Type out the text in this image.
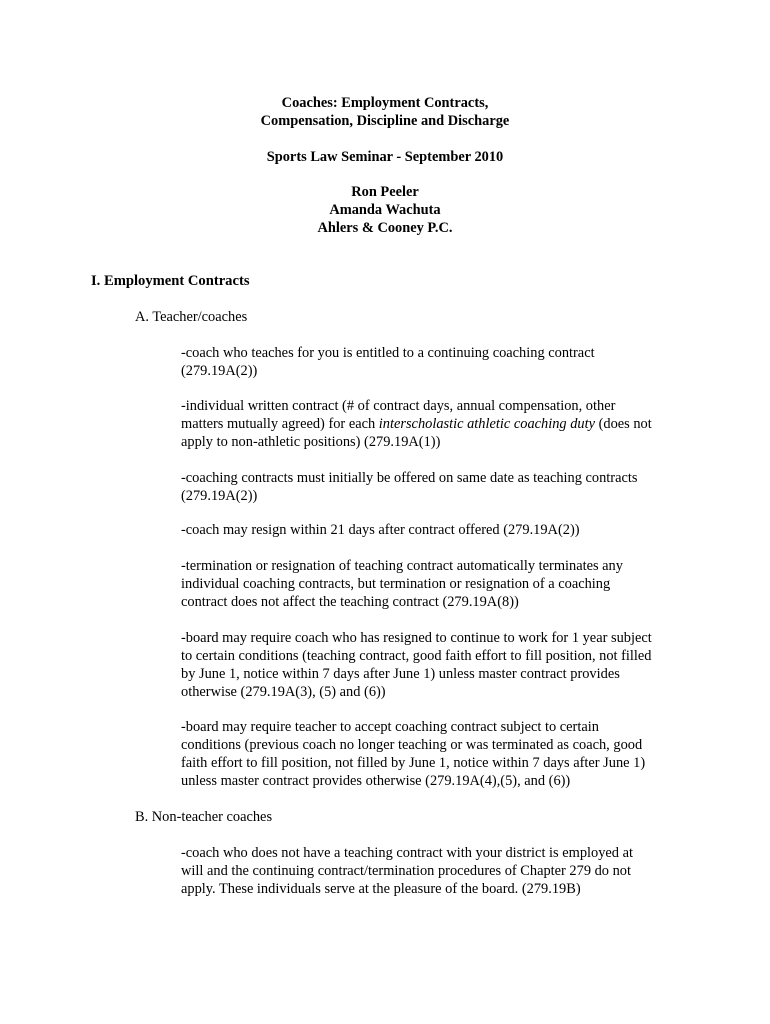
Coaches: Employment Contracts,
Compensation, Discipline and Discharge
Sports Law Seminar - September 2010
Ron Peeler
Amanda Wachuta
Ahlers & Cooney P.C.
I. Employment Contracts
A. Teacher/coaches
-coach who teaches for you is entitled to a continuing coaching contract
(279.19A(2))
-individual written contract (# of contract days, annual compensation, other
matters mutually agreed) for each interscholastic athletic coaching duty (does not
apply to non-athletic positions) (279.19A(1))
-coaching contracts must initially be offered on same date as teaching contracts
(279.19A(2))
-coach may resign within 21 days after contract offered (279.19A(2))
-termination or resignation of teaching contract automatically terminates any
individual coaching contracts, but termination or resignation of a coaching
contract does not affect the teaching contract (279.19A(8))
-board may require coach who has resigned to continue to work for 1 year subject
to certain conditions (teaching contract, good faith effort to fill position, not filled
by June 1, notice within 7 days after June 1) unless master contract provides
otherwise (279.19A(3), (5) and (6))
-board may require teacher to accept coaching contract subject to certain
conditions (previous coach no longer teaching or was terminated as coach, good
faith effort to fill position, not filled by June 1, notice within 7 days after June 1)
unless master contract provides otherwise (279.19A(4),(5), and (6))
B. Non-teacher coaches
-coach who does not have a teaching contract with your district is employed at
will and the continuing contract/termination procedures of Chapter 279 do not
apply. These individuals serve at the pleasure of the board. (279.19B)
